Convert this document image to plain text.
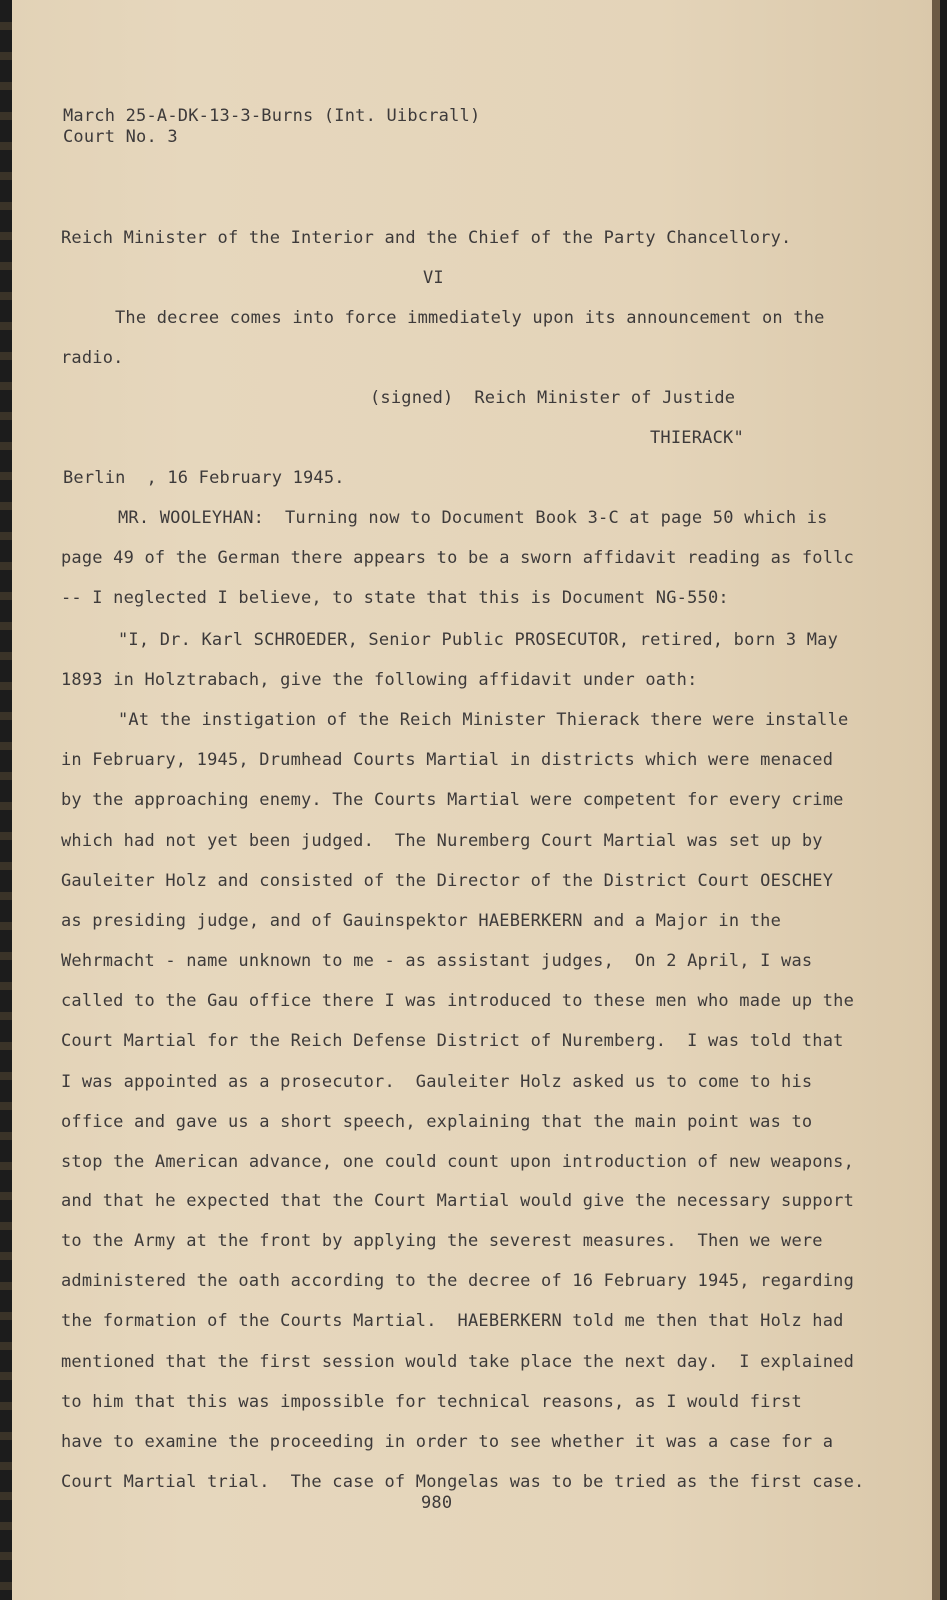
March 25-A-DK-13-3-Burns (Int. Uibcrall)
Court No. 3
Reich Minister of the Interior and the Chief of the Party Chancellory.
VI
The decree comes into force immediately upon its announcement on the
radio.
(signed)  Reich Minister of Justide
THIERACK"
Berlin  , 16 February 1945.
MR. WOOLEYHAN:  Turning now to Document Book 3-C at page 50 which is
page 49 of the German there appears to be a sworn affidavit reading as follc
-- I neglected I believe, to state that this is Document NG-550:
"I, Dr. Karl SCHROEDER, Senior Public PROSECUTOR, retired, born 3 May
1893 in Holztrabach, give the following affidavit under oath:
"At the instigation of the Reich Minister Thierack there were installe
in February, 1945, Drumhead Courts Martial in districts which were menaced
by the approaching enemy. The Courts Martial were competent for every crime
which had not yet been judged.  The Nuremberg Court Martial was set up by
Gauleiter Holz and consisted of the Director of the District Court OESCHEY
as presiding judge, and of Gauinspektor HAEBERKERN and a Major in the
Wehrmacht - name unknown to me - as assistant judges,  On 2 April, I was
called to the Gau office there I was introduced to these men who made up the
Court Martial for the Reich Defense District of Nuremberg.  I was told that
I was appointed as a prosecutor.  Gauleiter Holz asked us to come to his
office and gave us a short speech, explaining that the main point was to
stop the American advance, one could count upon introduction of new weapons,
and that he expected that the Court Martial would give the necessary support
to the Army at the front by applying the severest measures.  Then we were
administered the oath according to the decree of 16 February 1945, regarding
the formation of the Courts Martial.  HAEBERKERN told me then that Holz had
mentioned that the first session would take place the next day.  I explained
to him that this was impossible for technical reasons, as I would first
have to examine the proceeding in order to see whether it was a case for a
Court Martial trial.  The case of Mongelas was to be tried as the first case.
980
